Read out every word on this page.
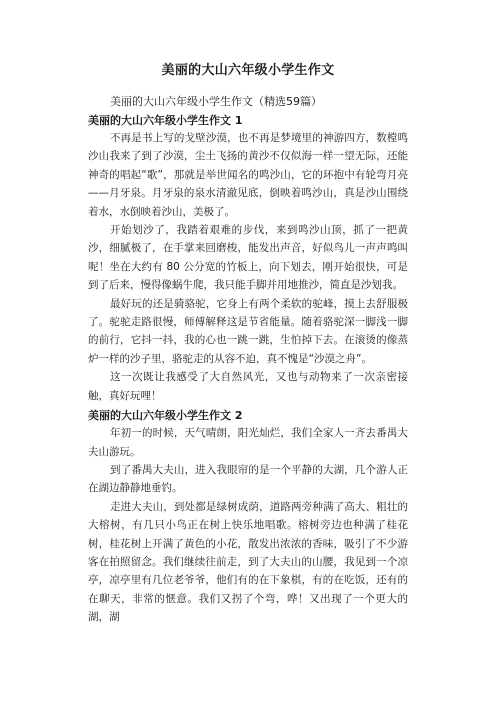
美丽的大山六年级小学生作文

美丽的大山六年级小学生作文（精选59篇）

美丽的大山六年级小学生作文 1

不再是书上写的戈壁沙漠，也不再是梦境里的神游四方，数樘鸣沙山我来了到了沙漠，尘土飞扬的黄沙不仅似海一样一望无际，还能神奇的唱起“歌”，那就是举世闻名的鸣沙山，它的环抱中有轮弯月亮——月牙泉。月牙泉的泉水清澈见底，倒映着鸣沙山，真是沙山围绕着水，水倒映着沙山，美极了。

开始划沙了，我踏着艰难的步伐，来到鸣沙山顶，抓了一把黄沙，细腻极了，在手掌来回磨梭，能发出声音，好似鸟儿一声声鸣叫呢！坐在大约有 80 公分宽的竹板上，向下划去，刚开始很快，可是到了后来，慢得像蜗牛爬，我只能手脚并用地推沙，简直是沙划我。

最好玩的还是骑骆驼，它身上有两个柔软的驼峰，摸上去舒服极了。驼驼走路很慢，师傅解释这是节省能量。随着骆驼深一脚浅一脚的前行，它抖一抖，我的心也一跳一跳，生怕掉下去。在滚烫的像蒸炉一样的沙子里，骆驼走的从容不迫，真不愧是“沙漠之舟”。

这一次既让我感受了大自然风光，又也与动物来了一次亲密接触，真好玩哩！

美丽的大山六年级小学生作文 2

年初一的时候，天气晴朗，阳光灿烂，我们全家人一齐去番禺大夫山游玩。

到了番禺大夫山，进入我眼帘的是一个平静的大湖，几个游人正在湖边静静地垂钓。

走进大夫山，到处都是绿树成荫，道路两旁种满了高大、粗壮的大榕树，有几只小鸟正在树上快乐地唱歌。榕树旁边也种满了桂花树，桂花树上开满了黄色的小花，散发出浓浓的香味，吸引了不少游客在拍照留念。我们继续往前走，到了大夫山的山腰，我见到一个凉亭，凉亭里有几位老爷爷，他们有的在下象棋，有的在吃饭，还有的在聊天，非常的惬意。我们又拐了个弯，哗！又出现了一个更大的湖，湖
